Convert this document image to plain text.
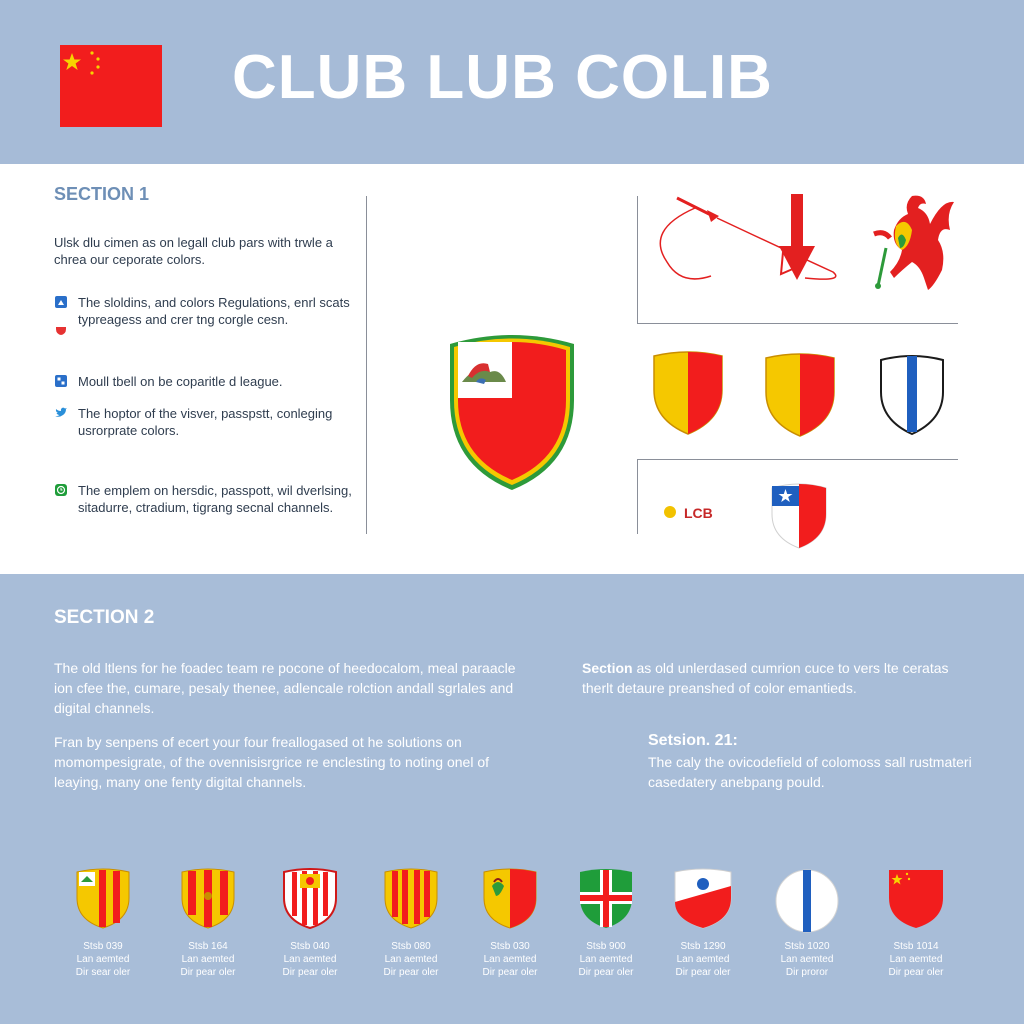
CLUB LUB COLIB
SECTION 1
Ulsk dlu cimen as on legall club pars with trwle a chrea our ceporate colors.
The sloldins, and colors Regulations, enrl scats typreagess and crer tng corgle cesn.
Moull tbell on be coparitle d league.
The hoptor of the visver, passpstt, conleging usrorprate colors.
The emplem on hersdic, passpott, wil dverlsing, sitadurre, ctradium, tigrang secnal channels.	LCB
SECTION 2
The old ltlens for he foadec team re pocone of heedocalom, meal paraacle ion cfee the, cumare, pesaly thenee, adlencale rolction andall sgrlales and digital channels.
Fran by senpens of ecert your four freallogased ot he solutions on momompesigrate, of the ovennisisrgrice re enclesting to noting onel of leaying, many one fenty digital channels.
Section as old unlerdased cumrion cuce to vers lte ceratas therlt detaure preanshed of color emantieds.
Setsion. 21:
The caly the ovicodefield of colomoss sall rustmateri casedatery anebpang pould.
Stsb 039
Lan aemted
Dir sear oler
Stsb 164
Lan aemted
Dir pear oler
Stsb 040
Lan aemted
Dir pear oler
Stsb 080
Lan aemted
Dir pear oler
Stsb 030
Lan aemted
Dir pear oler
Stsb 900
Lan aemted
Dir pear oler
Stsb 1290
Lan aemted
Dir pear oler
Stsb 1020
Lan aemted
Dir proror
Stsb 1014
Lan aemted
Dir pear oler
